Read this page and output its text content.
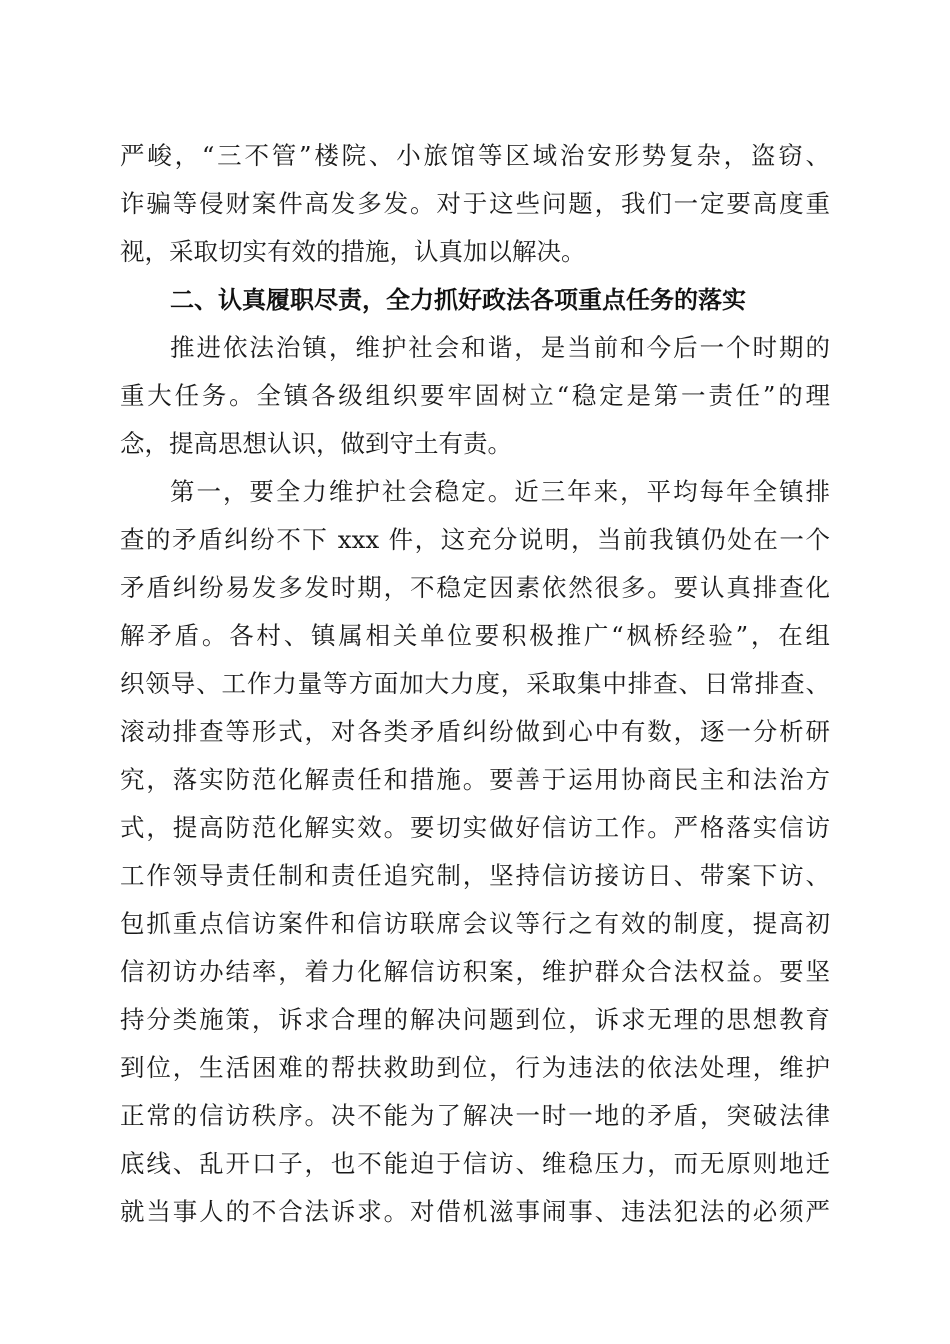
严峻，“三不管”楼院、小旅馆等区域治安形势复杂，盗窃、
诈骗等侵财案件高发多发。对于这些问题，我们一定要高度重
视，采取切实有效的措施，认真加以解决。
二、认真履职尽责，全力抓好政法各项重点任务的落实
推进依法治镇，维护社会和谐，是当前和今后一个时期的
重大任务。全镇各级组织要牢固树立“稳定是第一责任”的理
念，提高思想认识，做到守土有责。
第一，要全力维护社会稳定。近三年来，平均每年全镇排
查的矛盾纠纷不下 xxx 件，这充分说明，当前我镇仍处在一个
矛盾纠纷易发多发时期，不稳定因素依然很多。要认真排查化
解矛盾。各村、镇属相关单位要积极推广“枫桥经验”，在组
织领导、工作力量等方面加大力度，采取集中排查、日常排查、
滚动排查等形式，对各类矛盾纠纷做到心中有数，逐一分析研
究，落实防范化解责任和措施。要善于运用协商民主和法治方
式，提高防范化解实效。要切实做好信访工作。严格落实信访
工作领导责任制和责任追究制，坚持信访接访日、带案下访、
包抓重点信访案件和信访联席会议等行之有效的制度，提高初
信初访办结率，着力化解信访积案，维护群众合法权益。要坚
持分类施策，诉求合理的解决问题到位，诉求无理的思想教育
到位，生活困难的帮扶救助到位，行为违法的依法处理，维护
正常的信访秩序。决不能为了解决一时一地的矛盾，突破法律
底线、乱开口子，也不能迫于信访、维稳压力，而无原则地迁
就当事人的不合法诉求。对借机滋事闹事、违法犯法的必须严
